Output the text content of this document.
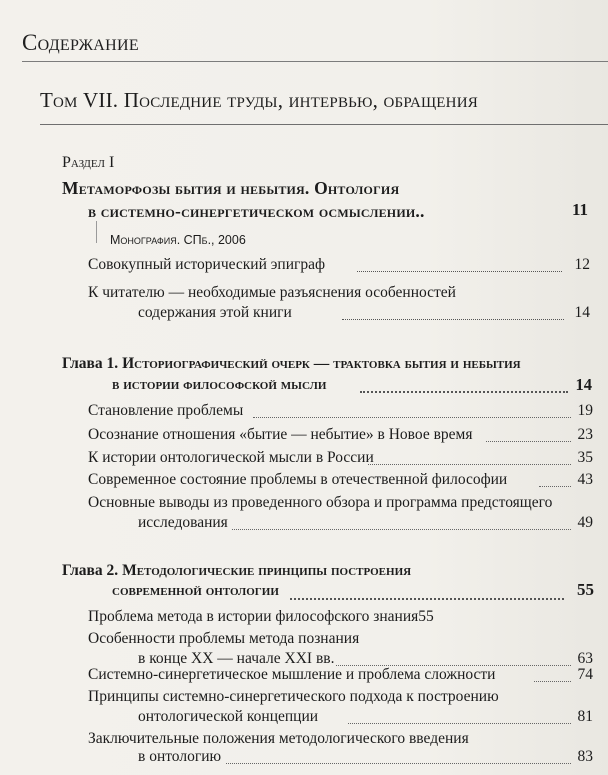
Содержание
Том VII. Последние труды, интервью, обращения
Раздел I
Метаморфозы бытия и небытия. Онтология
в системно-синергетическом осмыслении..	11
Монография. СПб., 2006
Совокупный исторический эпиграф	12
К читателю — необходимые разъяснения особенностей
содержания этой книги	14
Глава 1. Историографический очерк — трактовка бытия и небытия
в истории философской мысли	14
Становление проблемы	19
Осознание отношения «бытие — небытие» в Новое время	23
К истории онтологической мысли в России	35
Современное состояние проблемы в отечественной философии	43
Основные выводы из проведенного обзора и программа предстоящего
исследования	49
Глава 2. Методологические принципы построения
современной онтологии	55
Проблема метода в истории философского знания55
Особенности проблемы метода познания
в конце XX — начале XXI вв.	63
Системно-синергетическое мышление и проблема сложности	74
Принципы системно-синергетического подхода к построению
онтологической концепции	81
Заключительные положения методологического введения
в онтологию	83
